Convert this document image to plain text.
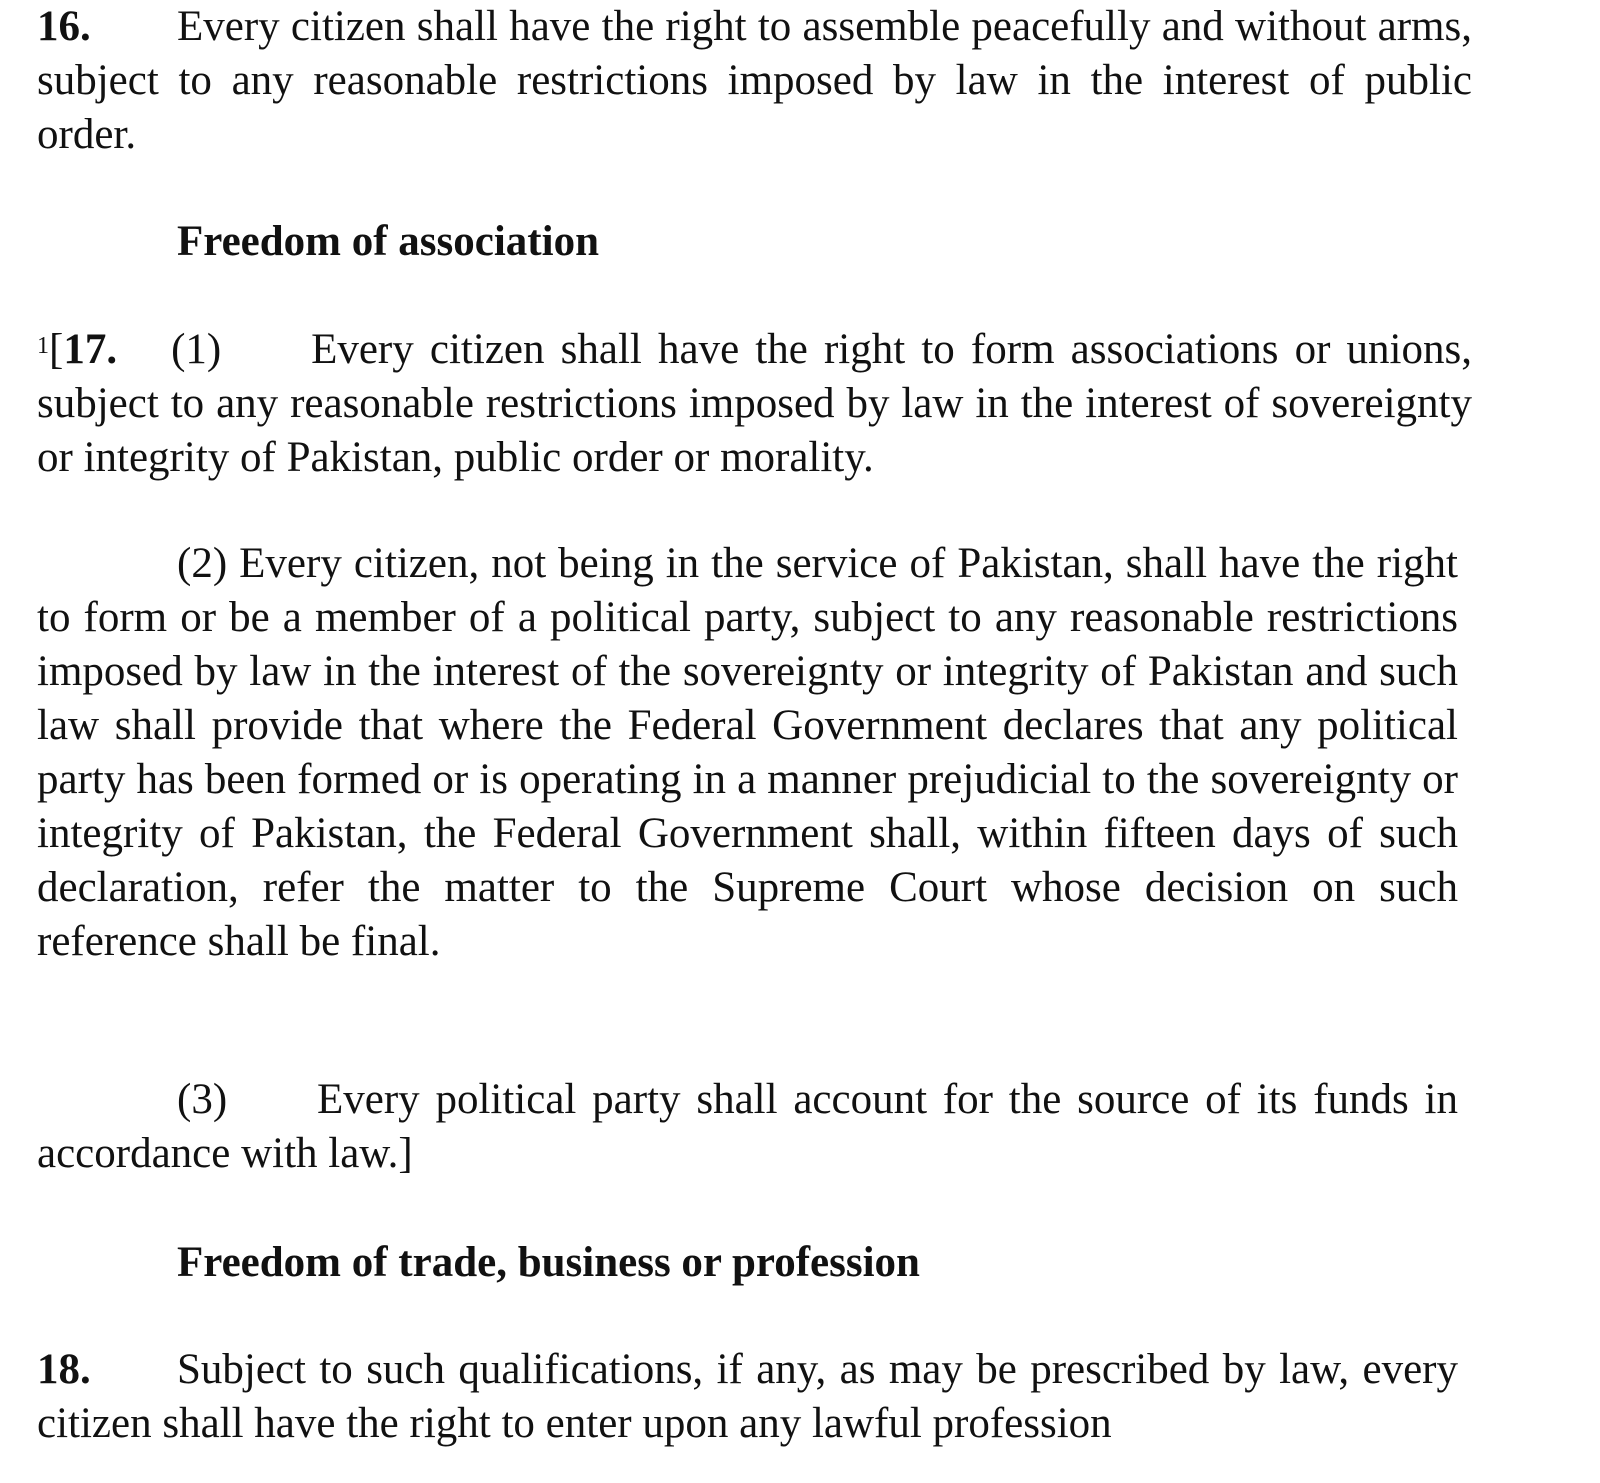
16. Every citizen shall have the right to assemble peacefully and without arms, subject to any reasonable restrictions imposed by law in the interest of public order.

Freedom of association

$^1$[17. (1) Every citizen shall have the right to form associations or unions, subject to any reasonable restrictions imposed by law in the interest of sovereignty or integrity of Pakistan, public order or morality.

(2) Every citizen, not being in the service of Pakistan, shall have the right to form or be a member of a political party, subject to any reasonable restrictions imposed by law in the interest of the sovereignty or integrity of Pakistan and such law shall provide that where the Federal Government declares that any political party has been formed or is operating in a manner prejudicial to the sovereignty or integrity of Pakistan, the Federal Government shall, within fifteen days of such declaration, refer the matter to the Supreme Court whose decision on such reference shall be final.

(3) Every political party shall account for the source of its funds in accordance with law.]

Freedom of trade, business or profession

18. Subject to such qualifications, if any, as may be prescribed by law, every citizen shall have the right to enter upon any lawful profession
